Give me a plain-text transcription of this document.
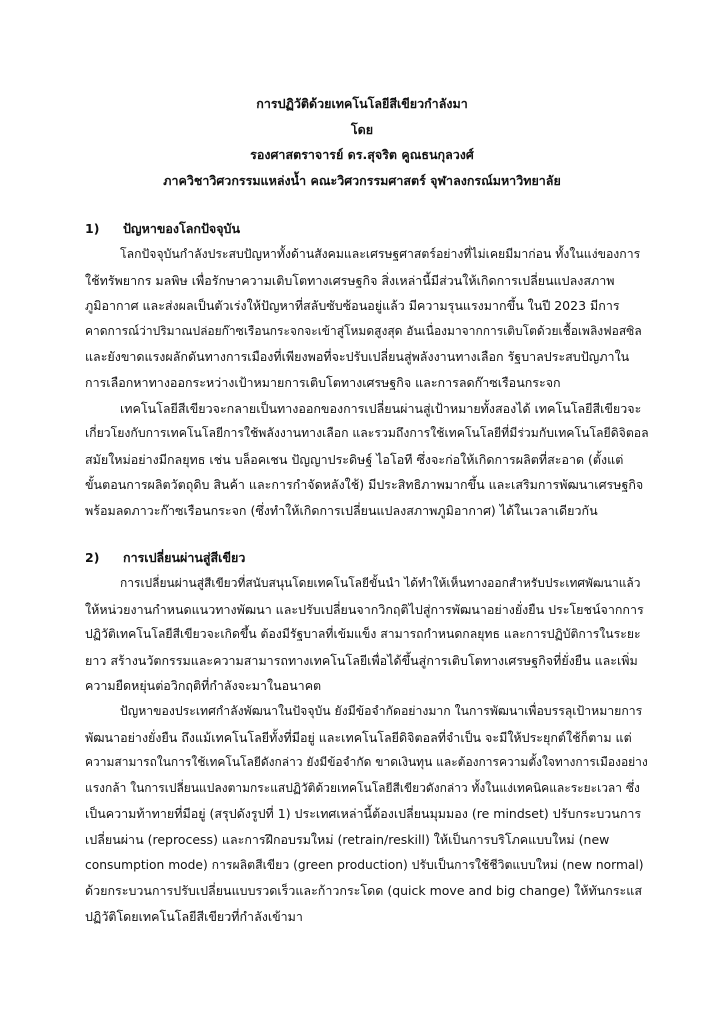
การปฏิวัติด้วยเทคโนโลยีสีเขียวกำลังมา
โดย
รองศาสตราจารย์ ดร.สุจริต คูณธนกุลวงศ์
ภาควิชาวิศวกรรมแหล่งน้ำ คณะวิศวกรรมศาสตร์ จุฬาลงกรณ์มหาวิทยาลัย
1) ปัญหาของโลกปัจจุบัน
โลกปัจจุบันกำลังประสบปัญหาทั้งด้านสังคมและเศรษฐศาสตร์อย่างที่ไม่เคยมีมาก่อน ทั้งในแง่ของการ
ใช้ทรัพยากร มลพิษ เพื่อรักษาความเติบโตทางเศรษฐกิจ สิ่งเหล่านี้มีส่วนให้เกิดการเปลี่ยนแปลงสภาพ
ภูมิอากาศ และส่งผลเป็นตัวเร่งให้ปัญหาที่สลับซับซ้อนอยู่แล้ว มีความรุนแรงมากขึ้น ในปี 2023 มีการ
คาดการณ์ว่าปริมาณปล่อยก๊าซเรือนกระจกจะเข้าสู่โหมดสูงสุด อันเนื่องมาจากการเติบโตด้วยเชื้อเพลิงฟอสซิล
และยังขาดแรงผลักดันทางการเมืองที่เพียงพอที่จะปรับเปลี่ยนสู่พลังงานทางเลือก รัฐบาลประสบปัญภาใน
การเลือกหาทางออกระหว่างเป้าหมายการเติบโตทางเศรษฐกิจ และการลดก๊าซเรือนกระจก
เทคโนโลยีสีเขียวจะกลายเป็นทางออกของการเปลี่ยนผ่านสู่เป้าหมายทั้งสองได้ เทคโนโลยีสีเขียวจะ
เกี่ยวโยงกับการเทคโนโลยีการใช้พลังงานทางเลือก และรวมถึงการใช้เทคโนโลยีที่มีร่วมกับเทคโนโลยีดิจิตอล
สมัยใหม่อย่างมีกลยุทธ เช่น บล็อคเชน ปัญญาประดิษฐ์ ไอโอที ซึ่งจะก่อให้เกิดการผลิตที่สะอาด (ตั้งแต่
ขั้นตอนการผลิตวัตถุดิบ สินค้า และการกำจัดหลังใช้) มีประสิทธิภาพมากขึ้น และเสริมการพัฒนาเศรษฐกิจ
พร้อมลดภาวะก๊าซเรือนกระจก (ซึ่งทำให้เกิดการเปลี่ยนแปลงสภาพภูมิอากาศ) ได้ในเวลาเดียวกัน
2) การเปลี่ยนผ่านสู่สีเขียว
การเปลี่ยนผ่านสู่สีเขียวที่สนับสนุนโดยเทคโนโลยีขั้นนำ ได้ทำให้เห็นทางออกสำหรับประเทศพัฒนาแล้ว
ให้หน่วยงานกำหนดแนวทางพัฒนา และปรับเปลี่ยนจากวิกฤติไปสู่การพัฒนาอย่างยั่งยืน ประโยชน์จากการ
ปฏิวัติเทคโนโลยีสีเขียวจะเกิดขึ้น ต้องมีรัฐบาลที่เข้มแข็ง สามารถกำหนดกลยุทธ และการปฏิบัติการในระยะ
ยาว สร้างนวัตกรรมและความสามารถทางเทคโนโลยีเพื่อได้ขึ้นสู่การเติบโตทางเศรษฐกิจที่ยั่งยืน และเพิ่ม
ความยืดหยุ่นต่อวิกฤติที่กำลังจะมาในอนาคต
ปัญหาของประเทศกำลังพัฒนาในปัจจุบัน ยังมีข้อจำกัดอย่างมาก ในการพัฒนาเพื่อบรรลุเป้าหมายการ
พัฒนาอย่างยั่งยืน ถึงแม้เทคโนโลยีทั้งที่มีอยู่ และเทคโนโลยีดิจิตอลที่จำเป็น จะมีให้ประยุกต์ใช้ก็ตาม แต่
ความสามารถในการใช้เทคโนโลยีดังกล่าว ยังมีข้อจำกัด ขาดเงินทุน และต้องการความตั้งใจทางการเมืองอย่าง
แรงกล้า ในการเปลี่ยนแปลงตามกระแสปฏิวัติด้วยเทคโนโลยีสีเขียวดังกล่าว ทั้งในแง่เทคนิคและระยะเวลา ซึ่ง
เป็นความท้าทายที่มีอยู่ (สรุปดังรูปที่ 1) ประเทศเหล่านี้ต้องเปลี่ยนมุมมอง (re mindset) ปรับกระบวนการ
เปลี่ยนผ่าน (reprocess) และการฝึกอบรมใหม่ (retrain/reskill) ให้เป็นการบริโภคแบบใหม่ (new
consumption mode) การผลิตสีเขียว (green production) ปรับเป็นการใช้ชีวิตแบบใหม่ (new normal)
ด้วยกระบวนการปรับเปลี่ยนแบบรวดเร็วและก้าวกระโดด (quick move and big change) ให้ทันกระแส
ปฏิวัติโดยเทคโนโลยีสีเขียวที่กำลังเข้ามา
